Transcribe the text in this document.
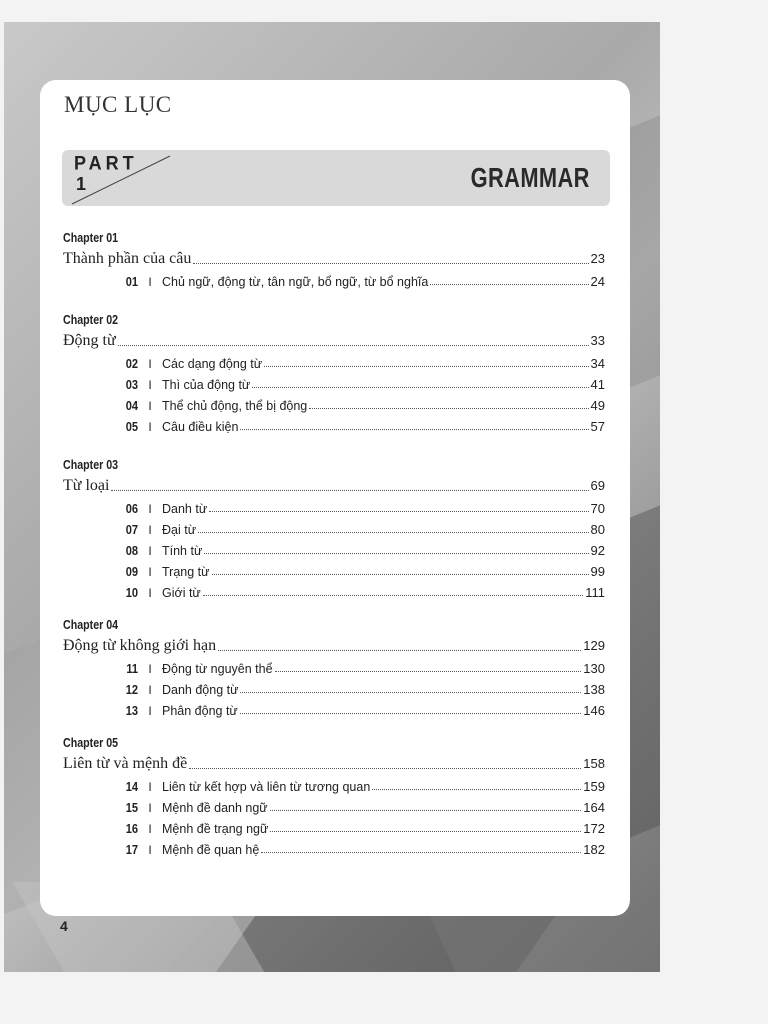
MỤC LỤC
PART
1	GRAMMAR
Chapter 01
Thành phần của câu	23
01 I Chủ ngữ, động từ, tân ngữ, bổ ngữ, từ bổ nghĩa	24
Chapter 02
Động từ	33
02 I Các dạng động từ	34
03 I Thì của động từ	41
04 I Thể chủ động, thể bị động	49
05 I Câu điều kiện	57
Chapter 03
Từ loại	69
06 I Danh từ	70
07 I Đại từ	80
08 I Tính từ	92
09 I Trạng từ	99
10 I Giới từ	111
Chapter 04
Động từ không giới hạn	129
11 I Động từ nguyên thể	130
12 I Danh động từ	138
13 I Phân động từ	146
Chapter 05
Liên từ và mệnh đề	158
14 I Liên từ kết hợp và liên từ tương quan	159
15 I Mệnh đề danh ngữ	164
16 I Mệnh đề trạng ngữ	172
17 I Mệnh đề quan hệ	182
4
